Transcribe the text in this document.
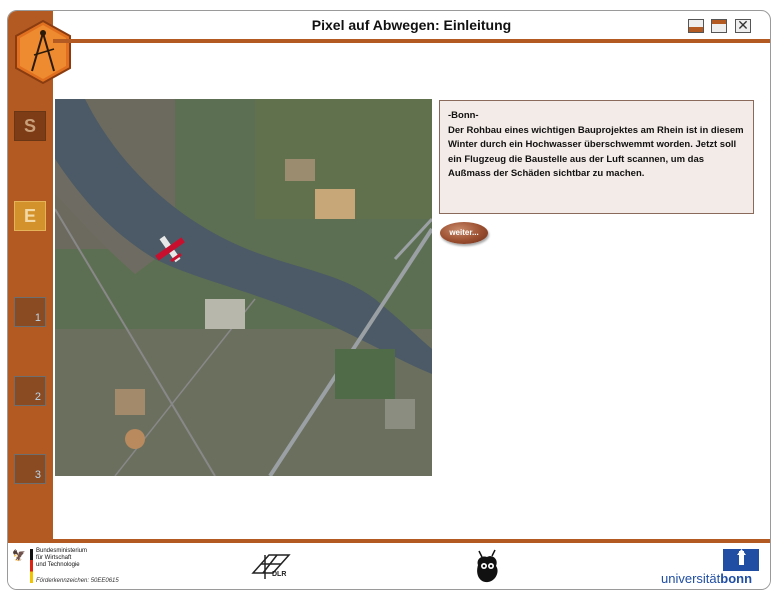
S
E
1
2
3
Pixel auf Abwegen: Einleitung	✕
-Bonn-
Der Rohbau eines wichtigen Bauprojektes am Rhein ist in diesem Winter durch ein Hochwasser überschwemmt worden. Jetzt soll ein Flugzeug die Baustelle aus der Luft scannen, um das Außmass der Schäden sichtbar zu machen.
weiter...
🦅 Bundesministerium
für Wirtschaft
und Technologie
Förderkennzeichen: 50EE0615
DLR	universitätbonn
